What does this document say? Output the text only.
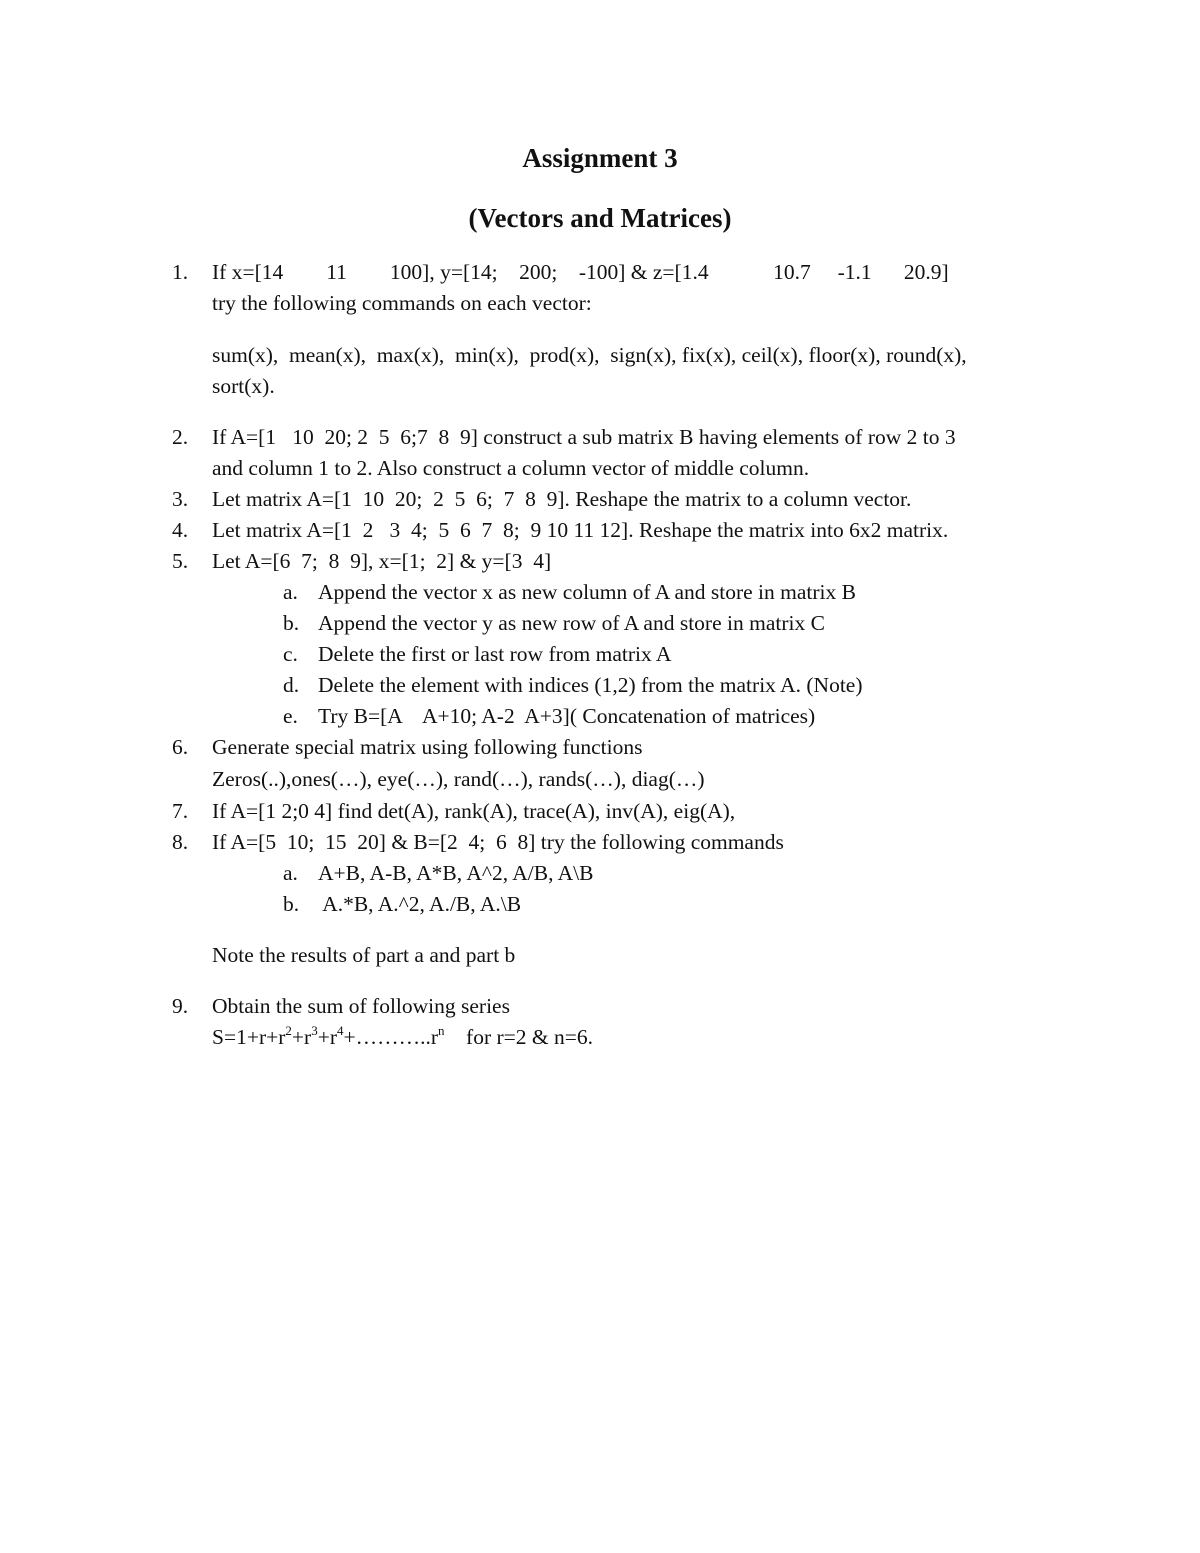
Assignment 3
(Vectors and Matrices)
1. If x=[14        11        100], y=[14;    200;    -100] & z=[1.4            10.7     -1.1      20.9]
try the following commands on each vector:
sum(x),  mean(x),  max(x),  min(x),  prod(x),  sign(x), fix(x), ceil(x), floor(x), round(x),
sort(x).
2. If A=[1   10  20; 2  5  6;7  8  9] construct a sub matrix B having elements of row 2 to 3
and column 1 to 2. Also construct a column vector of middle column.
3. Let matrix A=[1  10  20;  2  5  6;  7  8  9]. Reshape the matrix to a column vector.
4. Let matrix A=[1  2   3  4;  5  6  7  8;  9 10 11 12]. Reshape the matrix into 6x2 matrix.
5. Let A=[6  7;  8  9], x=[1;  2] & y=[3  4]
a. Append the vector x as new column of A and store in matrix B
b. Append the vector y as new row of A and store in matrix C
c. Delete the first or last row from matrix A
d. Delete the element with indices (1,2) from the matrix A. (Note)
e. Try B=[A    A+10; A-2  A+3]( Concatenation of matrices)
6. Generate special matrix using following functions
Zeros(..),ones(…), eye(…), rand(…), rands(…), diag(…)
7. If A=[1 2;0 4] find det(A), rank(A), trace(A), inv(A), eig(A),
8. If A=[5  10;  15  20] & B=[2  4;  6  8] try the following commands
a. A+B, A-B, A*B, A^2, A/B, A\B
b. A.*B, A.^2, A./B, A.\B
Note the results of part a and part b
9. Obtain the sum of following series
$S=1+r+r^2+r^3+r^4+\dots\dots\dots..r^n$    for r=2 & n=6.
